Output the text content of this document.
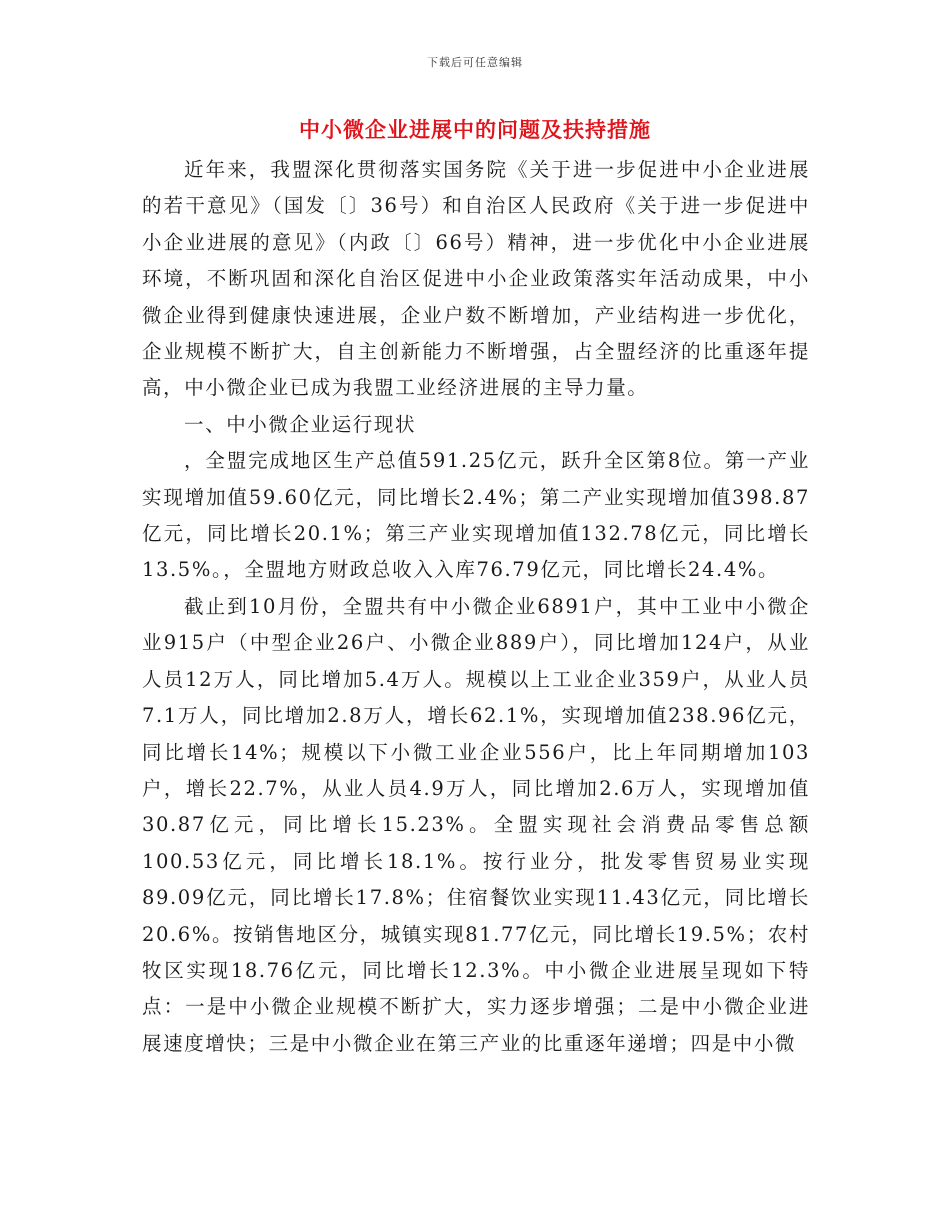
下载后可任意编辑
中小微企业进展中的问题及扶持措施

近年来，我盟深化贯彻落实国务院《关于进一步促进中小企业进展的若干意见》（国发〔〕36号）和自治区人民政府《关于进一步促进中小企业进展的意见》（内政〔〕66号）精神，进一步优化中小企业进展环境，不断巩固和深化自治区促进中小企业政策落实年活动成果，中小微企业得到健康快速进展，企业户数不断增加，产业结构进一步优化，企业规模不断扩大，自主创新能力不断增强，占全盟经济的比重逐年提高，中小微企业已成为我盟工业经济进展的主导力量。

一、中小微企业运行现状

，全盟完成地区生产总值591.25亿元，跃升全区第8位。第一产业实现增加值59.60亿元，同比增长2.4%；第二产业实现增加值398.87亿元，同比增长20.1%；第三产业实现增加值132.78亿元，同比增长13.5%。，全盟地方财政总收入入库76.79亿元，同比增长24.4%。

截止到10月份，全盟共有中小微企业6891户，其中工业中小微企业915户（中型企业26户、小微企业889户），同比增加124户，从业人员12万人，同比增加5.4万人。规模以上工业企业359户，从业人员7.1万人，同比增加2.8万人，增长62.1%，实现增加值238.96亿元，同比增长14%；规模以下小微工业企业556户，比上年同期增加103户，增长22.7%，从业人员4.9万人，同比增加2.6万人，实现增加值30.87亿元，同比增长15.23%。全盟实现社会消费品零售总额100.53亿元，同比增长18.1%。按行业分，批发零售贸易业实现89.09亿元，同比增长17.8%；住宿餐饮业实现11.43亿元，同比增长20.6%。按销售地区分，城镇实现81.77亿元，同比增长19.5%；农村牧区实现18.76亿元，同比增长12.3%。中小微企业进展呈现如下特点：一是中小微企业规模不断扩大，实力逐步增强；二是中小微企业进展速度增快；三是中小微企业在第三产业的比重逐年递增；四是中小微
